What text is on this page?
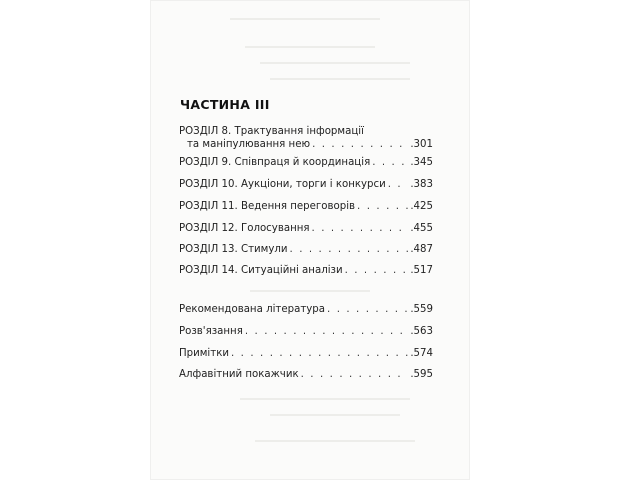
ЧАСТИНА III
РОЗДІЛ 8. Трактування інформації
та маніпулювання нею . . .	.301
РОЗДІЛ 9. Співпраця й координація . . .	.345
РОЗДІЛ 10. Аукціони, торги і конкурси . . . .383
РОЗДІЛ 11. Ведення переговорів . . .	.425
РОЗДІЛ 12. Голосування . . .	.455
РОЗДІЛ 13. Стимули . . .	.487
РОЗДІЛ 14. Ситуаційні аналізи . . .	.517
Рекомендована література . . .	.559
Розв'язання . . .	.563
Примітки . . .	.574
Алфавітний покажчик . . .	.595
